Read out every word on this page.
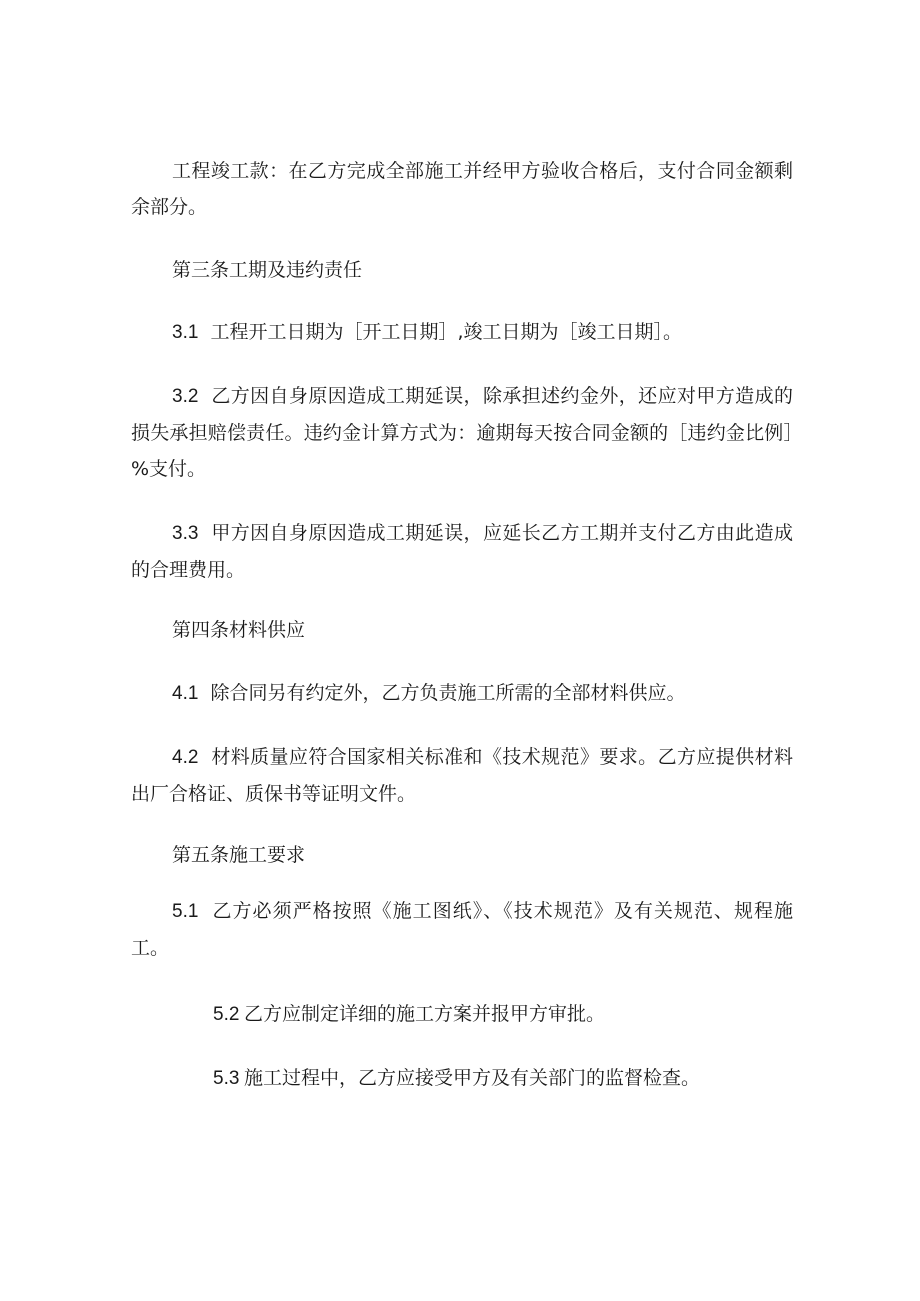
工程竣工款：在乙方完成全部施工并经甲方验收合格后，支付合同金额剩余部分。

第三条工期及违约责任

3.1 工程开工日期为［开工日期］,竣工日期为［竣工日期］。

3.2 乙方因自身原因造成工期延误，除承担述约金外，还应对甲方造成的损失承担赔偿责任。违约金计算方式为：逾期每天按合同金额的［违约金比例］%支付。

3.3 甲方因自身原因造成工期延误，应延长乙方工期并支付乙方由此造成的合理费用。

第四条材料供应

4.1 除合同另有约定外，乙方负责施工所需的全部材料供应。

4.2 材料质量应符合国家相关标准和《技术规范》要求。乙方应提供材料出厂合格证、质保书等证明文件。

第五条施工要求

5.1 乙方必须严格按照《施工图纸》、《技术规范》及有关规范、规程施工。

5.2 乙方应制定详细的施工方案并报甲方审批。

5.3 施工过程中，乙方应接受甲方及有关部门的监督检查。
